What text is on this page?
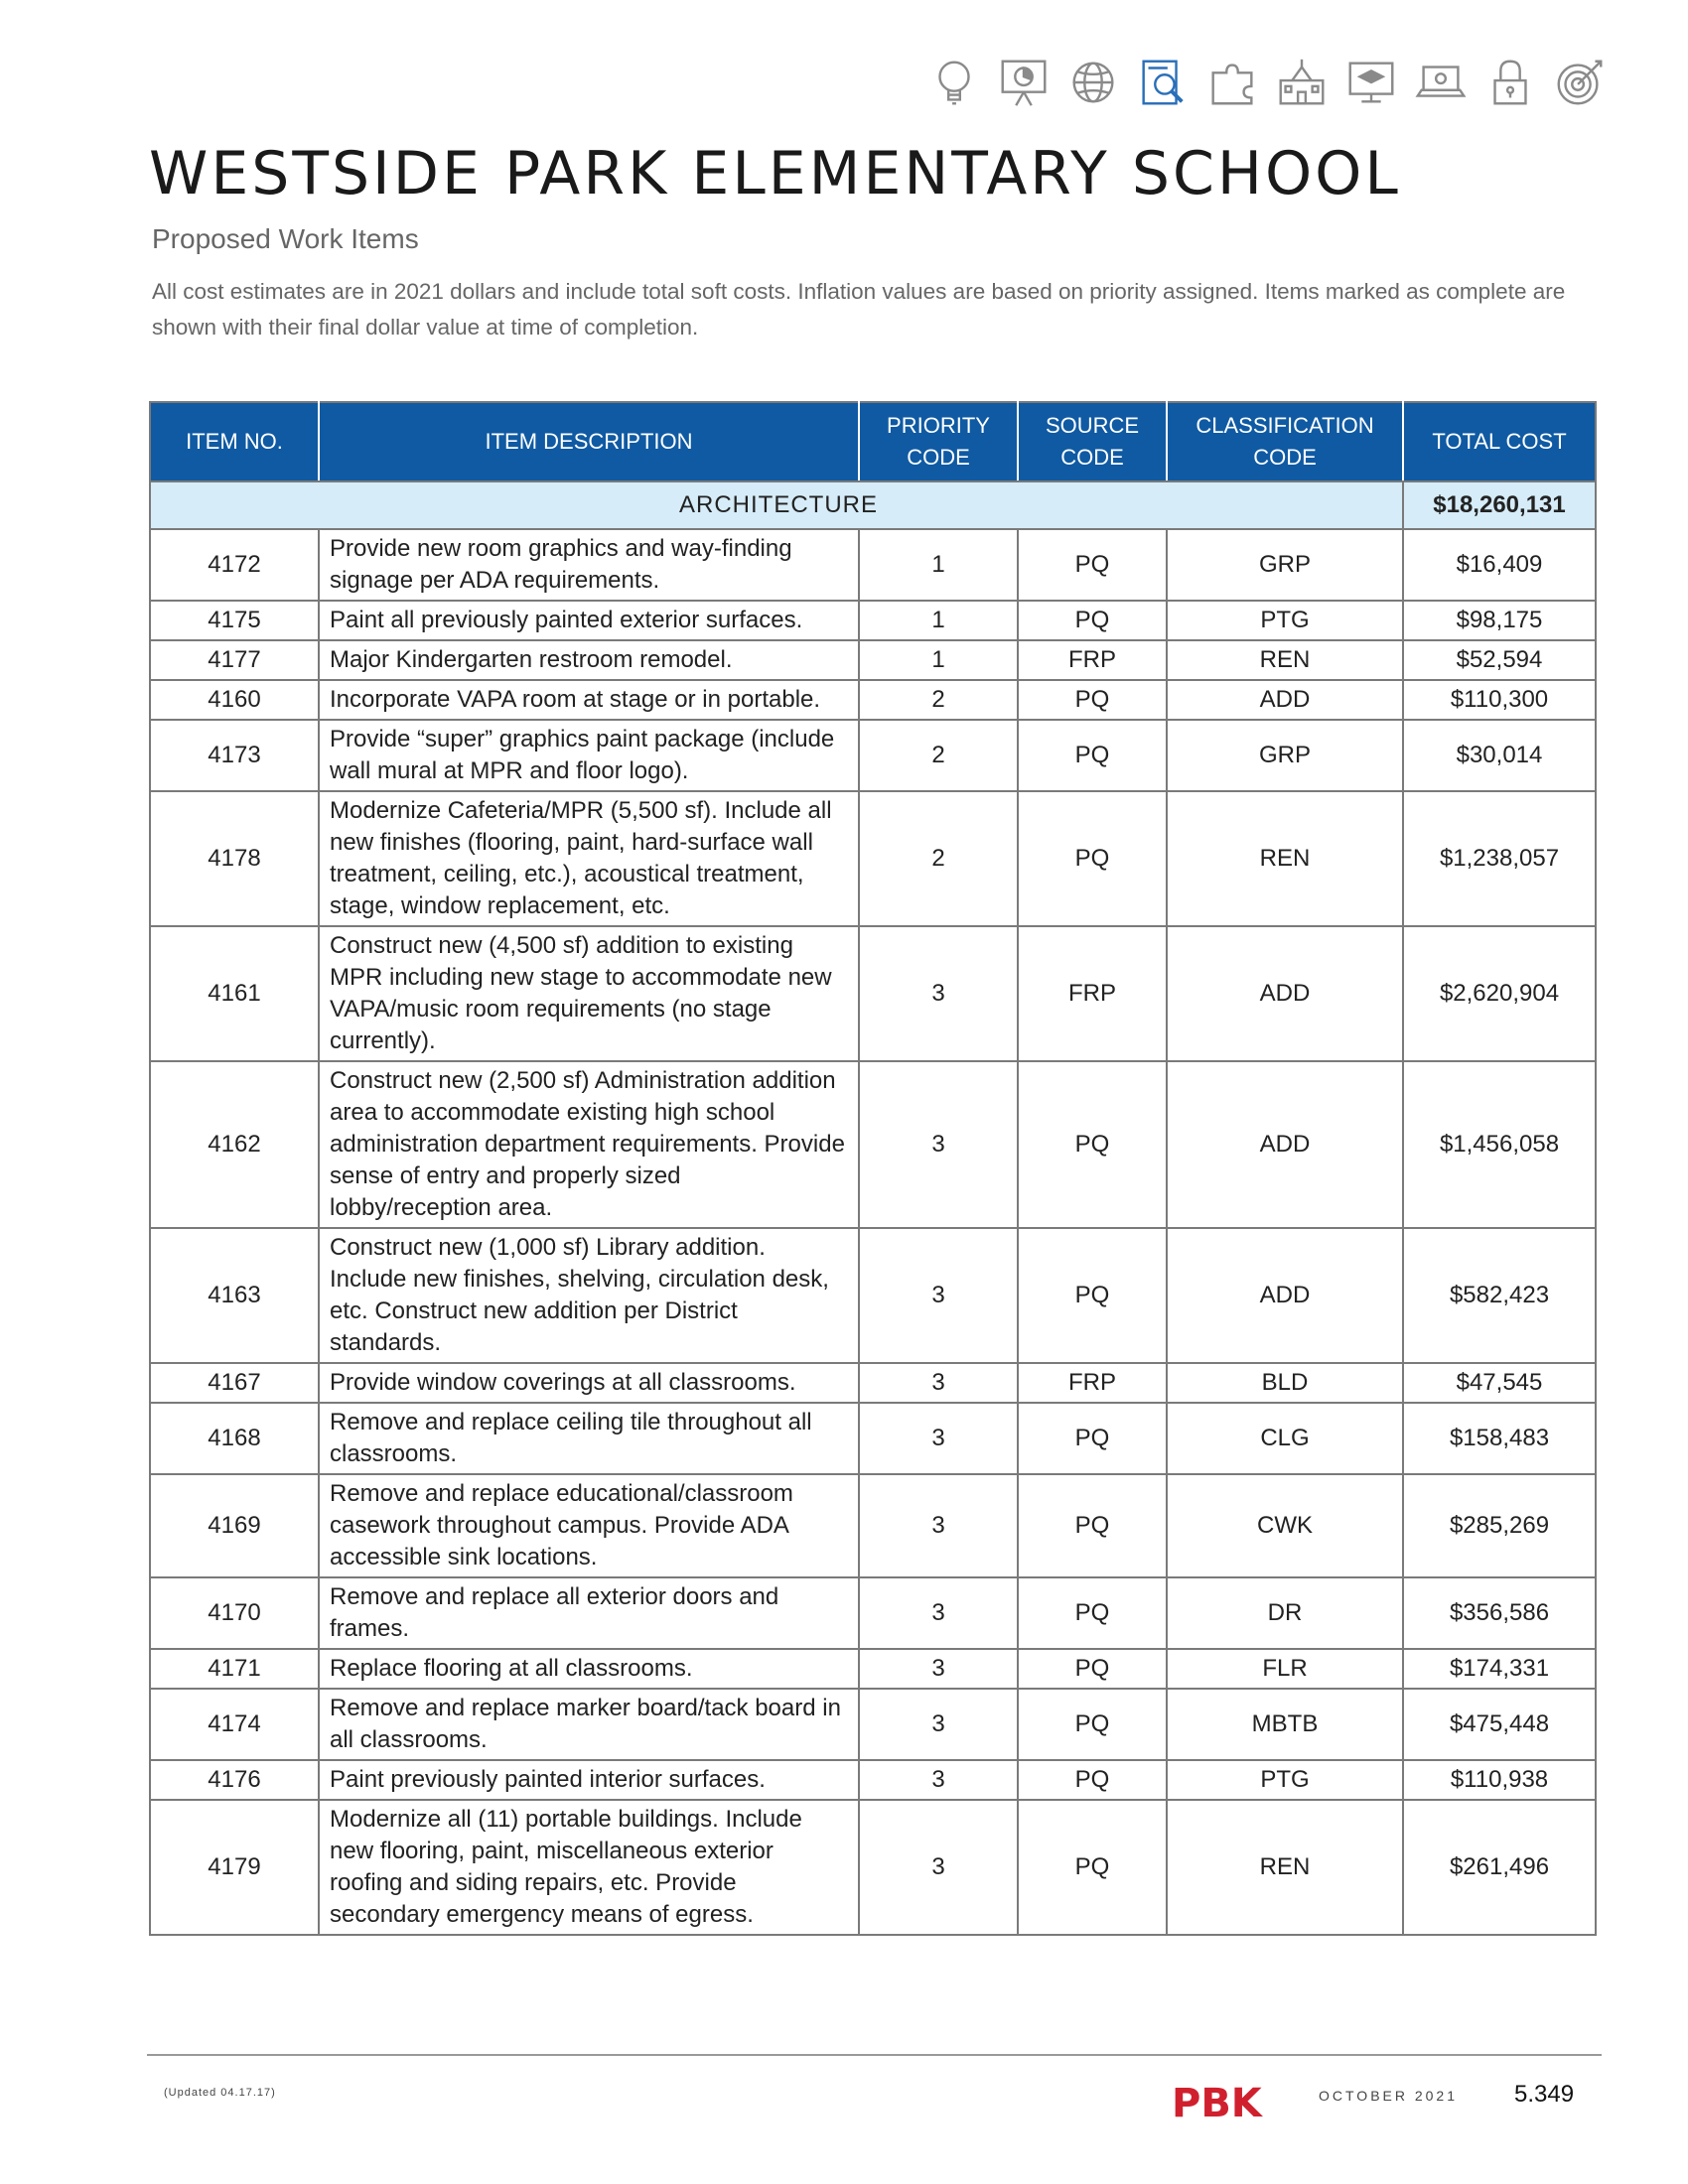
WESTSIDE PARK ELEMENTARY SCHOOL
Proposed Work Items
All cost estimates are in 2021 dollars and include total soft costs. Inflation values are based on priority assigned. Items marked as complete are shown with their final dollar value at time of completion.
ITEM NO.	ITEM DESCRIPTION	PRIORITY CODE	SOURCE CODE	CLASSIFICATION CODE	TOTAL COST
ARCHITECTURE					$18,260,131
4172	Provide new room graphics and way-finding signage per ADA requirements.	1	PQ	GRP	$16,409
4175	Paint all previously painted exterior surfaces.	1	PQ	PTG	$98,175
4177	Major Kindergarten restroom remodel.	1	FRP	REN	$52,594
4160	Incorporate VAPA room at stage or in portable.	2	PQ	ADD	$110,300
4173	Provide “super” graphics paint package (include wall mural at MPR and floor logo).	2	PQ	GRP	$30,014
4178	Modernize Cafeteria/MPR (5,500 sf). Include all new finishes (flooring, paint, hard-surface wall treatment, ceiling, etc.), acoustical treatment, stage, window replacement, etc.	2	PQ	REN	$1,238,057
4161	Construct new (4,500 sf) addition to existing MPR including new stage to accommodate new VAPA/music room requirements (no stage currently).	3	FRP	ADD	$2,620,904
4162	Construct new (2,500 sf) Administration addition area to accommodate existing high school administration department requirements. Provide sense of entry and properly sized lobby/reception area.	3	PQ	ADD	$1,456,058
4163	Construct new (1,000 sf) Library addition. Include new finishes, shelving, circulation desk, etc. Construct new addition per District standards.	3	PQ	ADD	$582,423
4167	Provide window coverings at all classrooms.	3	FRP	BLD	$47,545
4168	Remove and replace ceiling tile throughout all classrooms.	3	PQ	CLG	$158,483
4169	Remove and replace educational/classroom casework throughout campus. Provide ADA accessible sink locations.	3	PQ	CWK	$285,269
4170	Remove and replace all exterior doors and frames.	3	PQ	DR	$356,586
4171	Replace flooring at all classrooms.	3	PQ	FLR	$174,331
4174	Remove and replace marker board/tack board in all classrooms.	3	PQ	MBTB	$475,448
4176	Paint previously painted interior surfaces.	3	PQ	PTG	$110,938
4179	Modernize all (11) portable buildings. Include new flooring, paint, miscellaneous exterior roofing and siding repairs, etc. Provide secondary emergency means of egress.	3	PQ	REN	$261,496
(Updated 04.17.17)	PBK	OCTOBER 2021 5.349
